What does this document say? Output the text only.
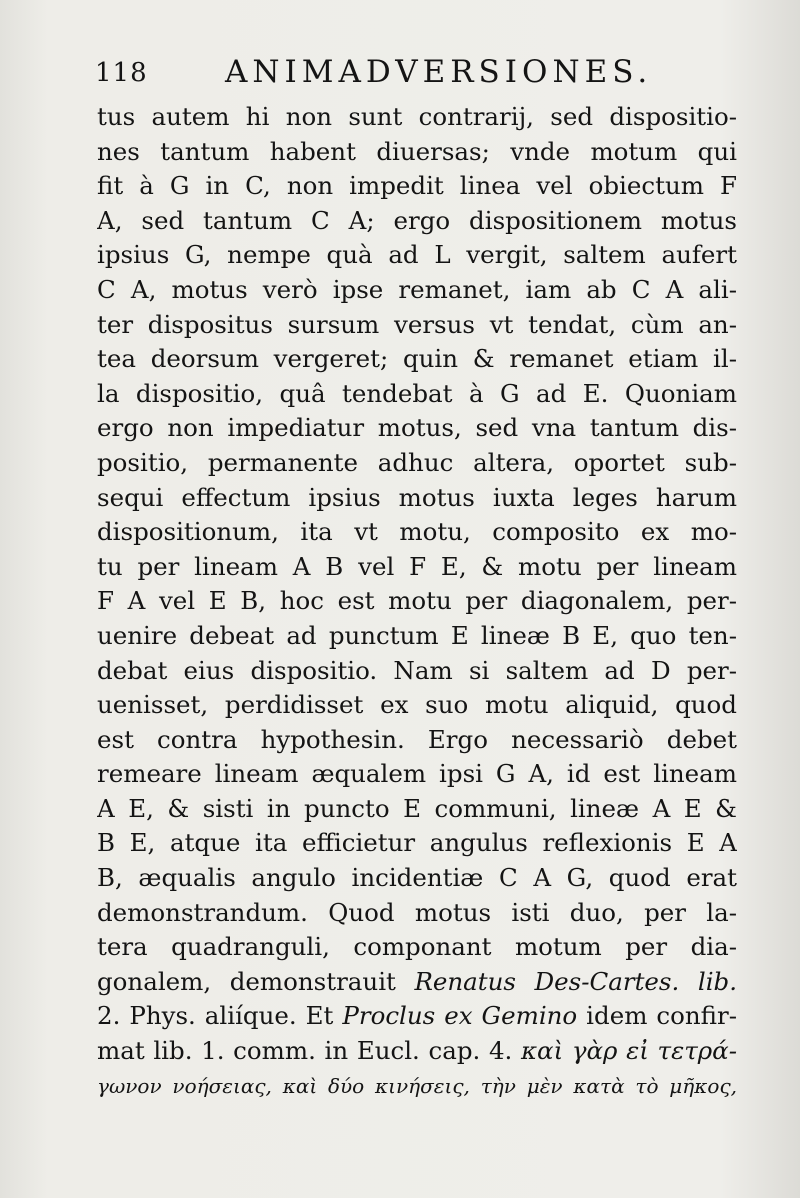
118 ANIMADVERSIONES.
tus autem hi non sunt contrarij, sed dispositio-
nes tantum habent diuersas; vnde motum qui
fit à G in C, non impedit linea vel obiectum F
A, sed tantum C A; ergo dispositionem motus
ipsius G, nempe quà ad L vergit, saltem aufert
C A, motus verò ipse remanet, iam ab C A ali-
ter dispositus sursum versus vt tendat, cùm an-
tea deorsum vergeret; quin & remanet etiam il-
la dispositio, quâ tendebat à G ad E. Quoniam
ergo non impediatur motus, sed vna tantum dis-
positio, permanente adhuc altera, oportet sub-
sequi effectum ipsius motus iuxta leges harum
dispositionum, ita vt motu, composito ex mo-
tu per lineam A B vel F E, & motu per lineam
F A vel E B, hoc est motu per diagonalem, per-
uenire debeat ad punctum E lineæ B E, quo ten-
debat eius dispositio. Nam si saltem ad D per-
uenisset, perdidisset ex suo motu aliquid, quod
est contra hypothesin. Ergo necessariò debet
remeare lineam æqualem ipsi G A, id est lineam
A E, & sisti in puncto E communi, lineæ A E &
B E, atque ita efficietur angulus reflexionis E A
B, æqualis angulo incidentiæ C A G, quod erat
demonstrandum. Quod motus isti duo, per la-
tera quadranguli, componant motum per dia-
gonalem, demonstrauit Renatus Des-Cartes. lib.
2. Phys. aliíque. Et Proclus ex Gemino idem confir-
mat lib. 1. comm. in Eucl. cap. 4. καὶ γὰρ εἰ τετρά-
γωνον νοήσειας, καὶ δύο κινήσεις, τὴν μὲν κατὰ τὸ μῆκος,
